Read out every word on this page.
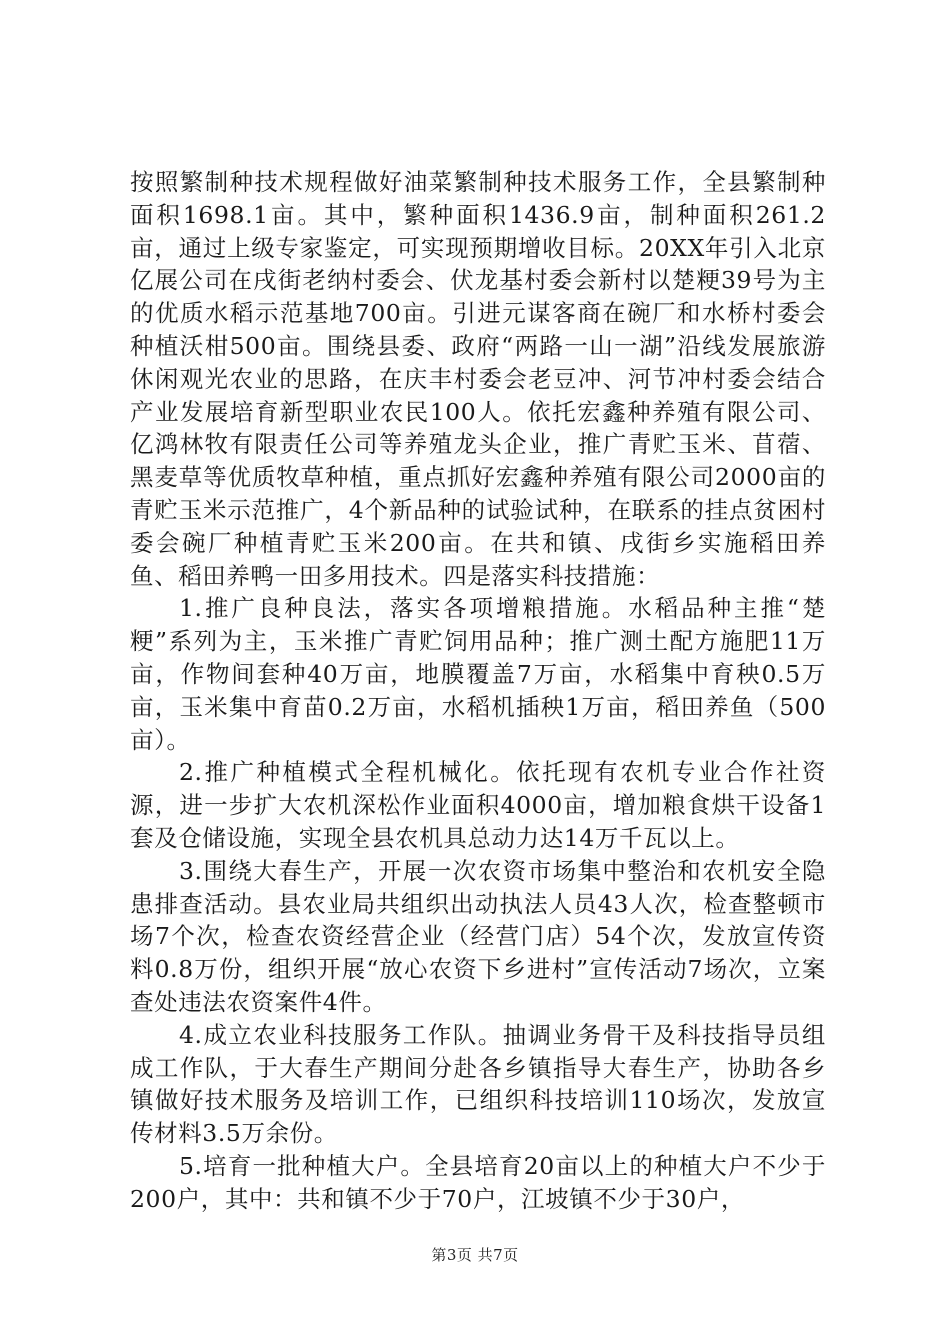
按照繁制种技术规程做好油菜繁制种技术服务工作，全县繁制种面积1698.1亩。其中，繁种面积1436.9亩，制种面积261.2亩，通过上级专家鉴定，可实现预期增收目标。20XX年引入北京亿展公司在戌街老纳村委会、伏龙基村委会新村以楚粳39号为主的优质水稻示范基地700亩。引进元谋客商在碗厂和水桥村委会种植沃柑500亩。围绕县委、政府“两路一山一湖”沿线发展旅游休闲观光农业的思路，在庆丰村委会老豆冲、河节冲村委会结合产业发展培育新型职业农民100人。依托宏鑫种养殖有限公司、亿鸿林牧有限责任公司等养殖龙头企业，推广青贮玉米、苜蓿、黑麦草等优质牧草种植，重点抓好宏鑫种养殖有限公司2000亩的青贮玉米示范推广，4个新品种的试验试种，在联系的挂点贫困村委会碗厂种植青贮玉米200亩。在共和镇、戌街乡实施稻田养鱼、稻田养鸭一田多用技术。四是落实科技措施：

1.推广良种良法，落实各项增粮措施。水稻品种主推“楚粳”系列为主，玉米推广青贮饲用品种；推广测土配方施肥11万亩，作物间套种40万亩，地膜覆盖7万亩，水稻集中育秧0.5万亩，玉米集中育苗0.2万亩，水稻机插秧1万亩，稻田养鱼（500亩）。

2.推广种植模式全程机械化。依托现有农机专业合作社资源，进一步扩大农机深松作业面积4000亩，增加粮食烘干设备1套及仓储设施，实现全县农机具总动力达14万千瓦以上。

3.围绕大春生产，开展一次农资市场集中整治和农机安全隐患排查活动。县农业局共组织出动执法人员43人次，检查整顿市场7个次，检查农资经营企业（经营门店）54个次，发放宣传资料0.8万份，组织开展“放心农资下乡进村”宣传活动7场次，立案查处违法农资案件4件。

4.成立农业科技服务工作队。抽调业务骨干及科技指导员组成工作队，于大春生产期间分赴各乡镇指导大春生产，协助各乡镇做好技术服务及培训工作，已组织科技培训110场次，发放宣传材料3.5万余份。

5.培育一批种植大户。全县培育20亩以上的种植大户不少于200户，其中：共和镇不少于70户，江坡镇不少于30户，

第3页 共7页
